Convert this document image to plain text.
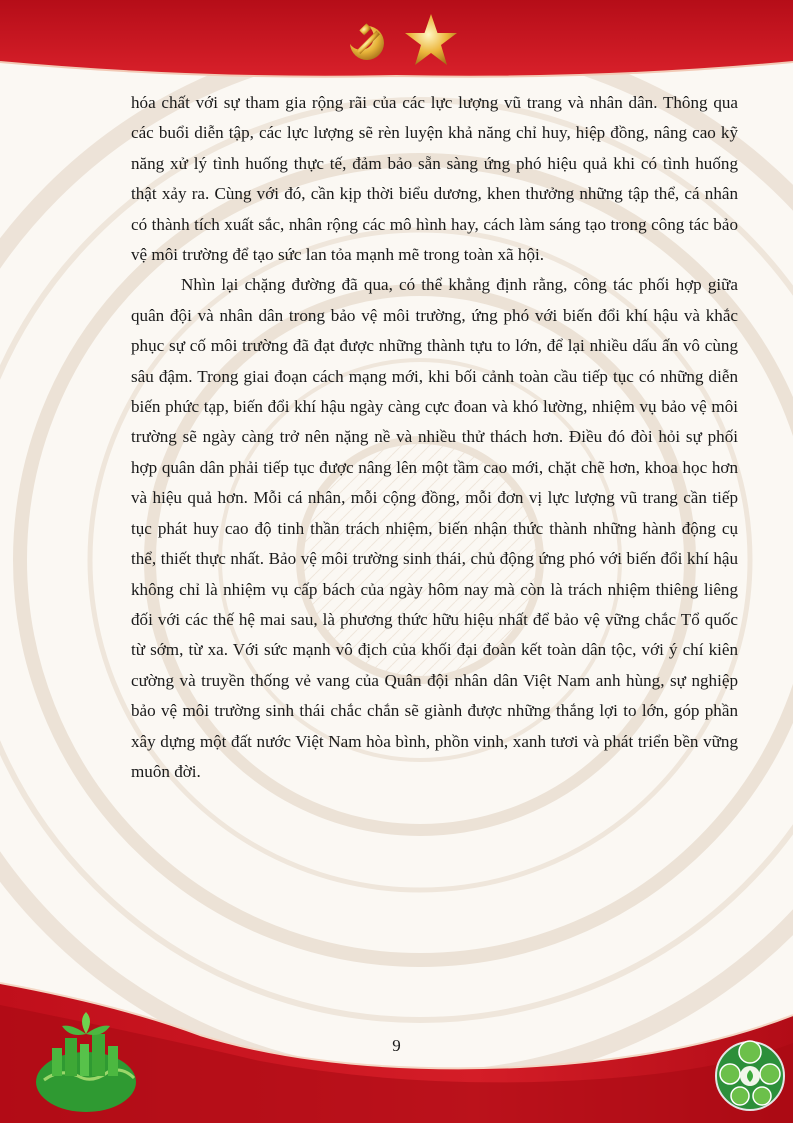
hóa chất với sự tham gia rộng rãi của các lực lượng vũ trang và nhân dân. Thông qua các buổi diễn tập, các lực lượng sẽ rèn luyện khả năng chỉ huy, hiệp đồng, nâng cao kỹ năng xử lý tình huống thực tế, đảm bảo sẵn sàng ứng phó hiệu quả khi có tình huống thật xảy ra. Cùng với đó, cần kịp thời biểu dương, khen thưởng những tập thể, cá nhân có thành tích xuất sắc, nhân rộng các mô hình hay, cách làm sáng tạo trong công tác bảo vệ môi trường để tạo sức lan tỏa mạnh mẽ trong toàn xã hội.

Nhìn lại chặng đường đã qua, có thể khẳng định rằng, công tác phối hợp giữa quân đội và nhân dân trong bảo vệ môi trường, ứng phó với biến đổi khí hậu và khắc phục sự cố môi trường đã đạt được những thành tựu to lớn, để lại nhiều dấu ấn vô cùng sâu đậm. Trong giai đoạn cách mạng mới, khi bối cảnh toàn cầu tiếp tục có những diễn biến phức tạp, biến đổi khí hậu ngày càng cực đoan và khó lường, nhiệm vụ bảo vệ môi trường sẽ ngày càng trở nên nặng nề và nhiều thử thách hơn. Điều đó đòi hỏi sự phối hợp quân dân phải tiếp tục được nâng lên một tầm cao mới, chặt chẽ hơn, khoa học hơn và hiệu quả hơn. Mỗi cá nhân, mỗi cộng đồng, mỗi đơn vị lực lượng vũ trang cần tiếp tục phát huy cao độ tinh thần trách nhiệm, biến nhận thức thành những hành động cụ thể, thiết thực nhất. Bảo vệ môi trường sinh thái, chủ động ứng phó với biến đổi khí hậu không chỉ là nhiệm vụ cấp bách của ngày hôm nay mà còn là trách nhiệm thiêng liêng đối với các thế hệ mai sau, là phương thức hữu hiệu nhất để bảo vệ vững chắc Tổ quốc từ sớm, từ xa. Với sức mạnh vô địch của khối đại đoàn kết toàn dân tộc, với ý chí kiên cường và truyền thống vẻ vang của Quân đội nhân dân Việt Nam anh hùng, sự nghiệp bảo vệ môi trường sinh thái chắc chắn sẽ giành được những thắng lợi to lớn, góp phần xây dựng một đất nước Việt Nam hòa bình, phồn vinh, xanh tươi và phát triển bền vững muôn đời.

9
